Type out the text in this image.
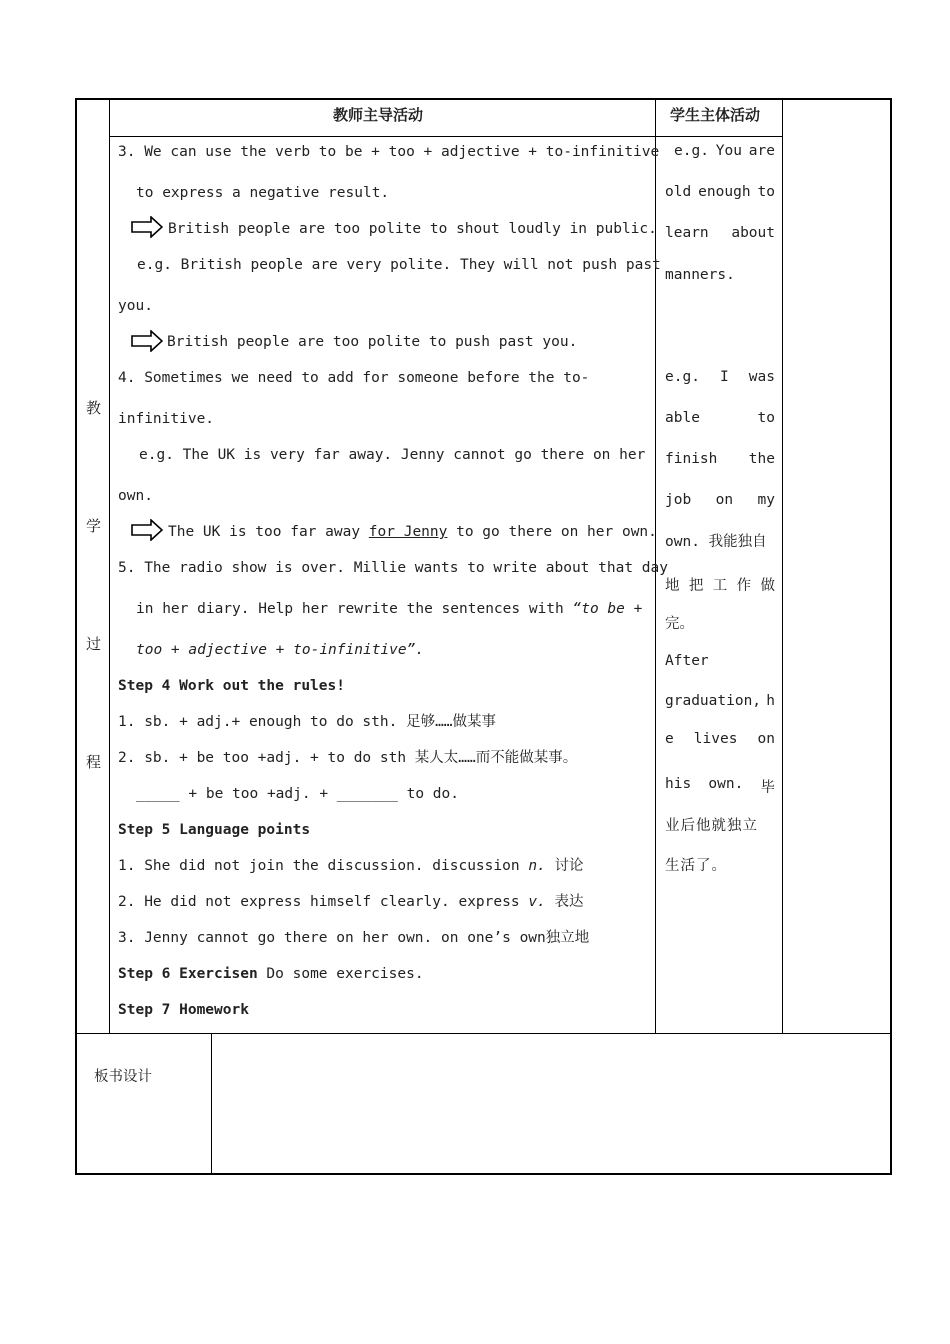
教师主导活动	学生主体活动
教
学
过
程
3. We can use the verb to be + too + adjective + to-infinitive
to express a negative result.
British people are too polite to shout loudly in public.
e.g. British people are very polite. They will not push past
you.
British people are too polite to push past you.
4. Sometimes we need to add for someone before the to-
infinitive.
e.g. The UK is very far away. Jenny cannot go there on her
own.
The UK is too far away for Jenny to go there on her own.
5. The radio show is over. Millie wants to write about that day
in her diary. Help her rewrite the sentences with “to be +
too + adjective + to-infinitive”.
Step 4 Work out the rules!
1. sb. + adj.+ enough to do sth. 足够……做某事
2. sb. + be too +adj. + to do sth 某人太……而不能做某事。
_____ + be too +adj. + _______ to do.
Step 5 Language points
1. She did not join the discussion. discussion n. 讨论
2. He did not express himself clearly. express v. 表达
3. Jenny cannot go there on her own. on one’s own独立地
Step 6 Exercisen Do some exercises.
Step 7 Homework
e.g. You are
old enough to
learn about
manners.
e.g. I was
able	to
finish the
job on my
own. 我能独自
地 把 工 作 做
完。
After
graduation, h
e lives on
his own. 毕
业后他就独立
生活了。
板书设计
